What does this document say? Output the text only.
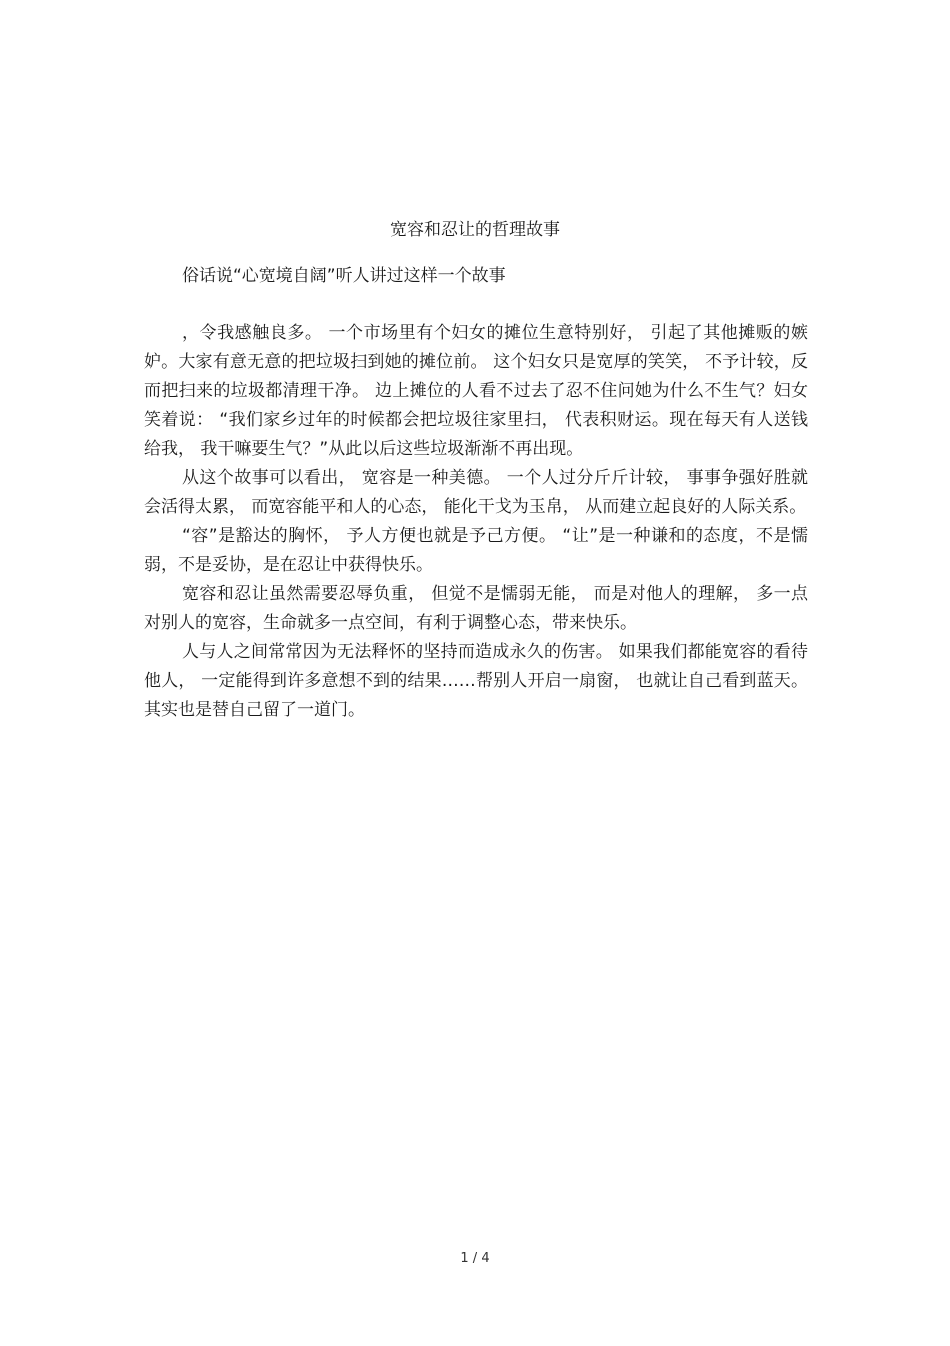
宽容和忍让的哲理故事
俗话说“心宽境自阔”听人讲过这样一个故事

，令我感触良多。 一个市场里有个妇女的摊位生意特别好， 引起了其他摊贩的嫉妒。大家有意无意的把垃圾扫到她的摊位前。 这个妇女只是宽厚的笑笑， 不予计较，反而把扫来的垃圾都清理干净。 边上摊位的人看不过去了忍不住问她为什么不生气？妇女笑着说： “我们家乡过年的时候都会把垃圾往家里扫， 代表积财运。现在每天有人送钱给我， 我干嘛要生气？”从此以后这些垃圾渐渐不再出现。

从这个故事可以看出， 宽容是一种美德。 一个人过分斤斤计较， 事事争强好胜就会活得太累， 而宽容能平和人的心态， 能化干戈为玉帛， 从而建立起良好的人际关系。

“容”是豁达的胸怀， 予人方便也就是予己方便。 “让”是一种谦和的态度，不是懦弱，不是妥协，是在忍让中获得快乐。

宽容和忍让虽然需要忍辱负重， 但觉不是懦弱无能， 而是对他人的理解， 多一点对别人的宽容，生命就多一点空间，有利于调整心态，带来快乐。

人与人之间常常因为无法释怀的坚持而造成永久的伤害。 如果我们都能宽容的看待他人， 一定能得到许多意想不到的结果……帮别人开启一扇窗， 也就让自己看到蓝天。其实也是替自己留了一道门。

1 / 4
